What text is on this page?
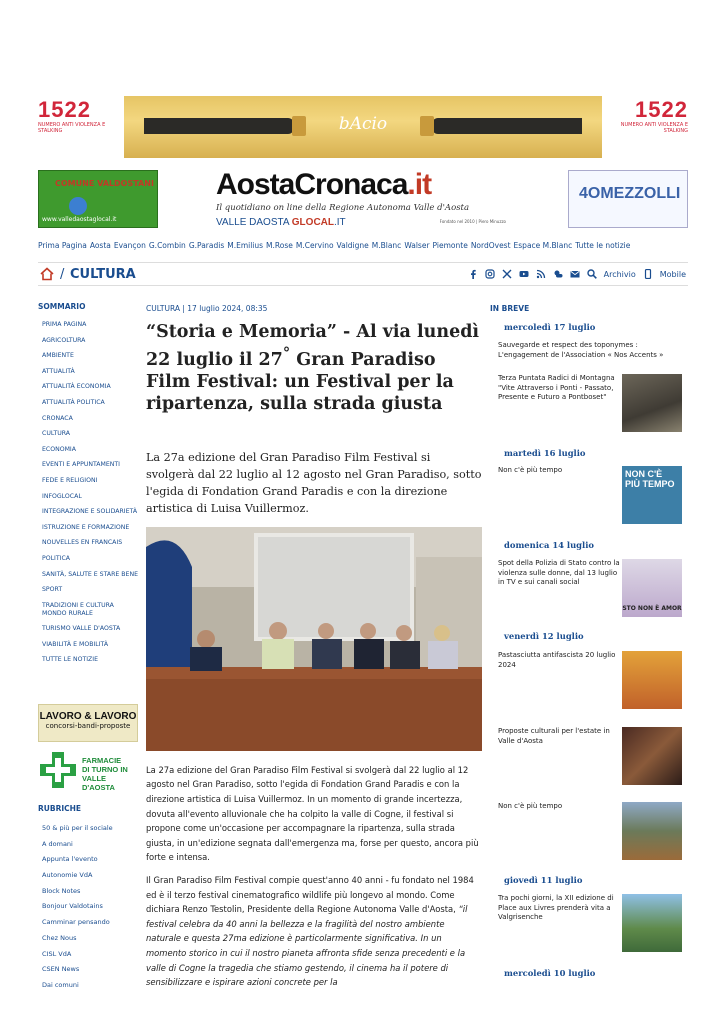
1522
NUMERO ANTI VIOLENZA E STALKING	bAcio
1522
NUMERO ANTI VIOLENZA E STALKING
COMUNE VALDOSTANI
www.valledaostaglocal.it
AostaCronaca.it
Il quotidiano on line della Regione Autonoma Valle d'Aosta
VALLE DAOSTA GLOCAL.IT	Fondato nel 2010 | Piero Minuzzo
4OMEZZOLLI
Prima Pagina Aosta Evançon G.Combin G.Paradis M.Emilius M.Rose M.Cervino Valdigne M.Blanc Walser Piemonte NordOvest Espace M.Blanc Tutte le notizie
/ CULTURA	Archivio	Mobile
SOMMARIO
PRIMA PAGINA
AGRICOLTURA
AMBIENTE
ATTUALITÀ
ATTUALITÀ ECONOMIA
ATTUALITÀ POLITICA
CRONACA
CULTURA
ECONOMIA
EVENTI E APPUNTAMENTI
FEDE E RELIGIONI
INFOGLOCAL
INTEGRAZIONE E SOLIDARIETÀ
ISTRUZIONE E FORMAZIONE
NOUVELLES EN FRANCAIS
POLITICA
SANITÀ, SALUTE E STARE BENE
SPORT
TRADIZIONI E CULTURA MONDO RURALE
TURISMO VALLE D'AOSTA
VIABILITÀ E MOBILITÀ
TUTTE LE NOTIZIE
LAVORO & LAVORO
concorsi-bandi-proposte
FARMACIE
DI TURNO IN
VALLE D'AOSTA
RUBRICHE
50 & più per il sociale
A domani
Appunta l'evento
Autonomie VdA
Block Notes
Bonjour Valdotains
Camminar pensando
Chez Nous
CISL VdA
CSEN News
Dai comuni
CULTURA | 17 luglio 2024, 08:35
“Storia e Memoria” - Al via lunedì 22 luglio il 27° Gran Paradiso Film Festival: un Festival per la ripartenza, sulla strada giusta

La 27a edizione del Gran Paradiso Film Festival si svolgerà dal 22 luglio al 12 agosto nel Gran Paradiso, sotto l'egida di Fondation Grand Paradis e con la direzione artistica di Luisa Vuillermoz.

La 27a edizione del Gran Paradiso Film Festival si svolgerà dal 22 luglio al 12 agosto nel Gran Paradiso, sotto l'egida di Fondation Grand Paradis e con la direzione artistica di Luisa Vuillermoz. In un momento di grande incertezza, dovuta all'evento alluvionale che ha colpito la valle di Cogne, il festival si propone come un'occasione per accompagnare la ripartenza, sulla strada giusta, in un'edizione segnata dall'emergenza ma, forse per questo, ancora più forte e intensa.

Il Gran Paradiso Film Festival compie quest'anno 40 anni - fu fondato nel 1984 ed è il terzo festival cinematografico wildlife più longevo al mondo. Come dichiara Renzo Testolin, Presidente della Regione Autonoma Valle d'Aosta, “il festival celebra da 40 anni la bellezza e la fragilità del nostro ambiente naturale e questa 27ma edizione è particolarmente significativa. In un momento storico in cui il nostro pianeta affronta sfide senza precedenti e la valle di Cogne la tragedia che stiamo gestendo, il cinema ha il potere di sensibilizzare e ispirare azioni concrete per la

IN BREVE
mercoledì 17 luglio
Sauvegarde et respect des toponymes : L'engagement de l'Association « Nos Accents »
Terza Puntata Radici di Montagna "Vite Attraverso i Ponti - Passato, Presente e Futuro a Pontboset"
martedì 16 luglio
Non c'è più tempo	NON C'È
PIÙ TEMPO
domenica 14 luglio
Spot della Polizia di Stato contro la violenza sulle donne, dal 13 luglio in TV e sui canali social
STO NON È AMOR
venerdì 12 luglio
Pastasciutta antifascista 20 luglio 2024
Proposte culturali per l'estate in Valle d'Aosta
Non c'è più tempo
giovedì 11 luglio
Tra pochi giorni, la XII edizione di Place aux Livres prenderà vita a Valgrisenche
mercoledì 10 luglio
